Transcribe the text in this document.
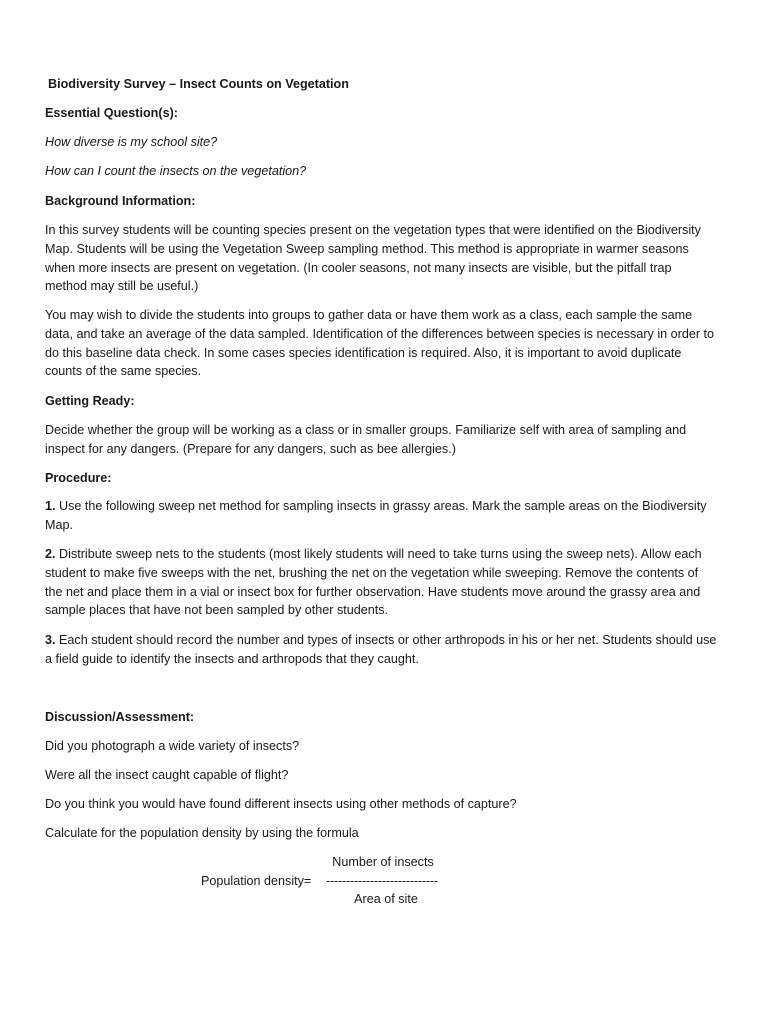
Biodiversity Survey – Insect Counts on Vegetation

Essential Question(s):

How diverse is my school site?

How can I count the insects on the vegetation?

Background Information:

In this survey students will be counting species present on the vegetation types that were identified on the Biodiversity
Map. Students will be using the Vegetation Sweep sampling method. This method is appropriate in warmer seasons
when more insects are present on vegetation. (In cooler seasons, not many insects are visible, but the pitfall trap
method may still be useful.)
You may wish to divide the students into groups to gather data or have them work as a class, each sample the same
data, and take an average of the data sampled. Identification of the differences between species is necessary in order to
do this baseline data check. In some cases species identification is required. Also, it is important to avoid duplicate
counts of the same species.

Getting Ready:

Decide whether the group will be working as a class or in smaller groups. Familiarize self with area of sampling and
inspect for any dangers. (Prepare for any dangers, such as bee allergies.)

Procedure:

1. Use the following sweep net method for sampling insects in grassy areas. Mark the sample areas on the Biodiversity
Map.
2. Distribute sweep nets to the students (most likely students will need to take turns using the sweep nets). Allow each
student to make five sweeps with the net, brushing the net on the vegetation while sweeping. Remove the contents of
the net and place them in a vial or insect box for further observation. Have students move around the grassy area and
sample places that have not been sampled by other students.
3. Each student should record the number and types of insects or other arthropods in his or her net. Students should use
a field guide to identify the insects and arthropods that they caught.

Discussion/Assessment:

Did you photograph a wide variety of insects?

Were all the insect caught capable of flight?

Do you think you would have found different insects using other methods of capture?

Calculate for the population density by using the formula

Number of insects
Population density= ----------------------------
Area of site
